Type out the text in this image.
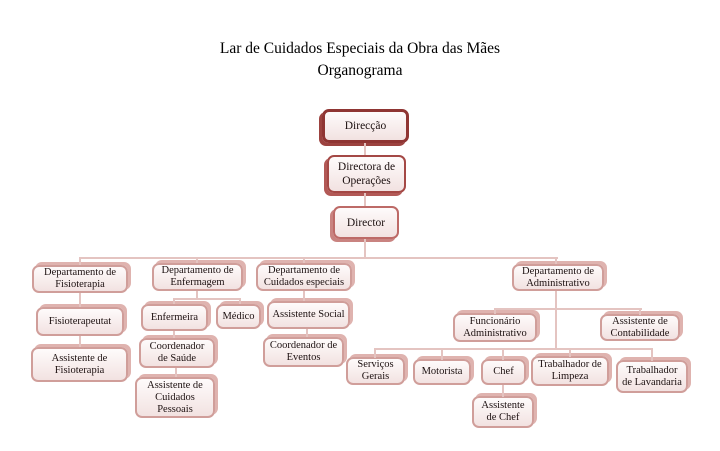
Lar de Cuidados Especiais da Obra das Mães
Organograma
Direcção
Directora de Operações
Director
Departamento de Fisioterapia
Departamento de Enfermagem
Departamento de Cuidados especiais
Departamento de Administrativo
Fisioterapeutat
Assistente de Fisioterapia
Enfermeira	Médico
Coordenador de Saúde
Assistente de Cuidados Pessoais
Assistente Social
Coordenador de Eventos
Funcionário Administrativo
Assistente de Contabilidade
Serviços Gerais	Motorista	Chef
Trabalhador de Limpeza
Trabalhador de Lavandaria
Assistente de Chef
